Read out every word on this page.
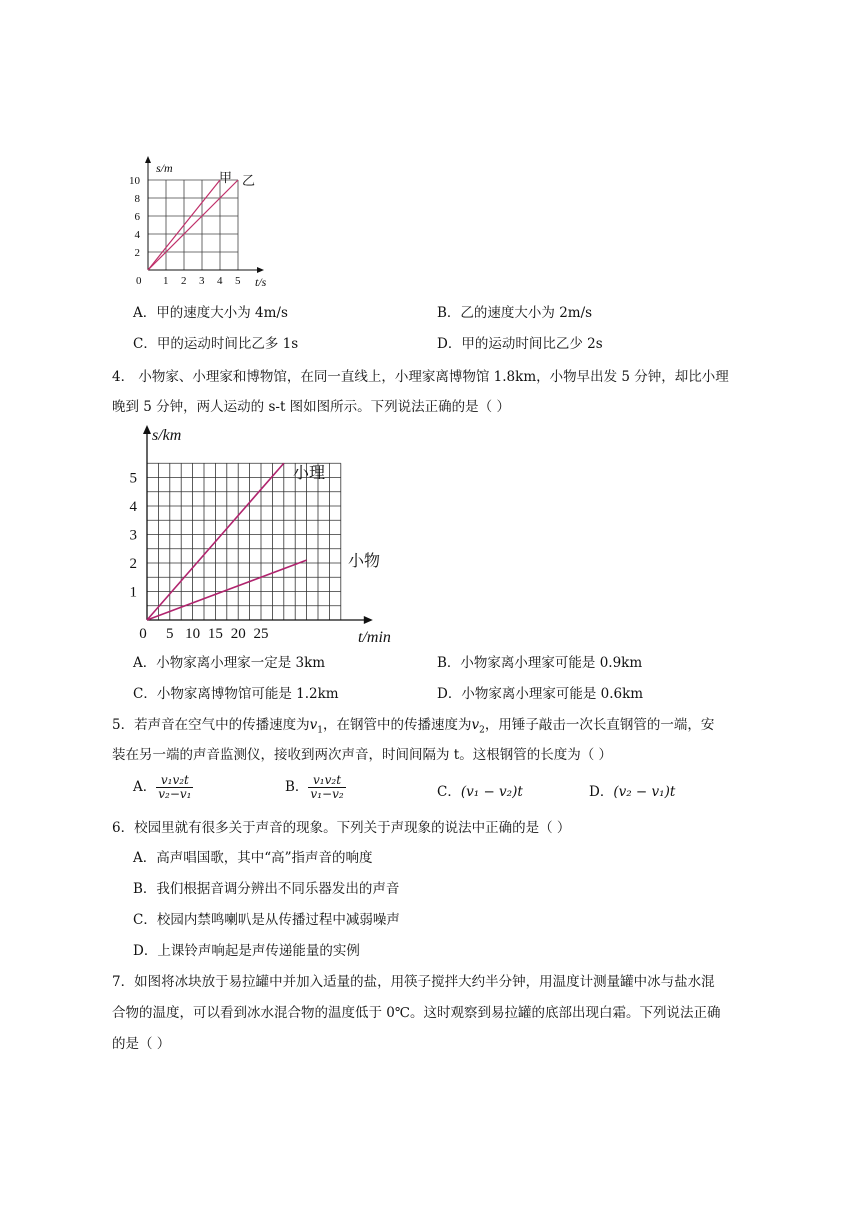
0 1 2 3 4 5
2
4
6
8
10
s/m
t/s
甲 乙
A．甲的速度大小为 4m/s	B．乙的速度大小为 2m/s
C．甲的运动时间比乙多 1s	D．甲的运动时间比乙少 2s
4． 小物家、小理家和博物馆，在同一直线上，小理家离博物馆 1.8km，小物早出发 5 分钟，却比小理
晚到 5 分钟，两人运动的 s-t 图如图所示。下列说法正确的是（ ）
0 5 10 15 20 25
1
2
3
4
5
s/km
t/min
小理
小物
A．小物家离小理家一定是 3km	B．小物家离小理家可能是 0.9km
C．小物家离博物馆可能是 1.2km	D．小物家离小理家可能是 0.6km
5．若声音在空气中的传播速度为$v_1$，在钢管中的传播速度为$v_2$，用锤子敲击一次长直钢管的一端，安
装在另一端的声音监测仪，接收到两次声音，时间间隔为 t。这根钢管的长度为（ ）
A． $\frac{\text{v₁v₂t}}{\text{v₂−v₁}}$	B． $\frac{\text{v₁v₂t}}{\text{v₁−v₂}}$	C．(v₁ − v₂)t	D．(v₂ − v₁)t
6．校园里就有很多关于声音的现象。下列关于声现象的说法中正确的是（ ）
A．高声唱国歌，其中“高”指声音的响度
B．我们根据音调分辨出不同乐器发出的声音
C．校园内禁鸣喇叭是从传播过程中减弱噪声
D．上课铃声响起是声传递能量的实例
7．如图将冰块放于易拉罐中并加入适量的盐，用筷子搅拌大约半分钟，用温度计测量罐中冰与盐水混
合物的温度，可以看到冰水混合物的温度低于 0℃。这时观察到易拉罐的底部出现白霜。下列说法正确
的是（ ）
